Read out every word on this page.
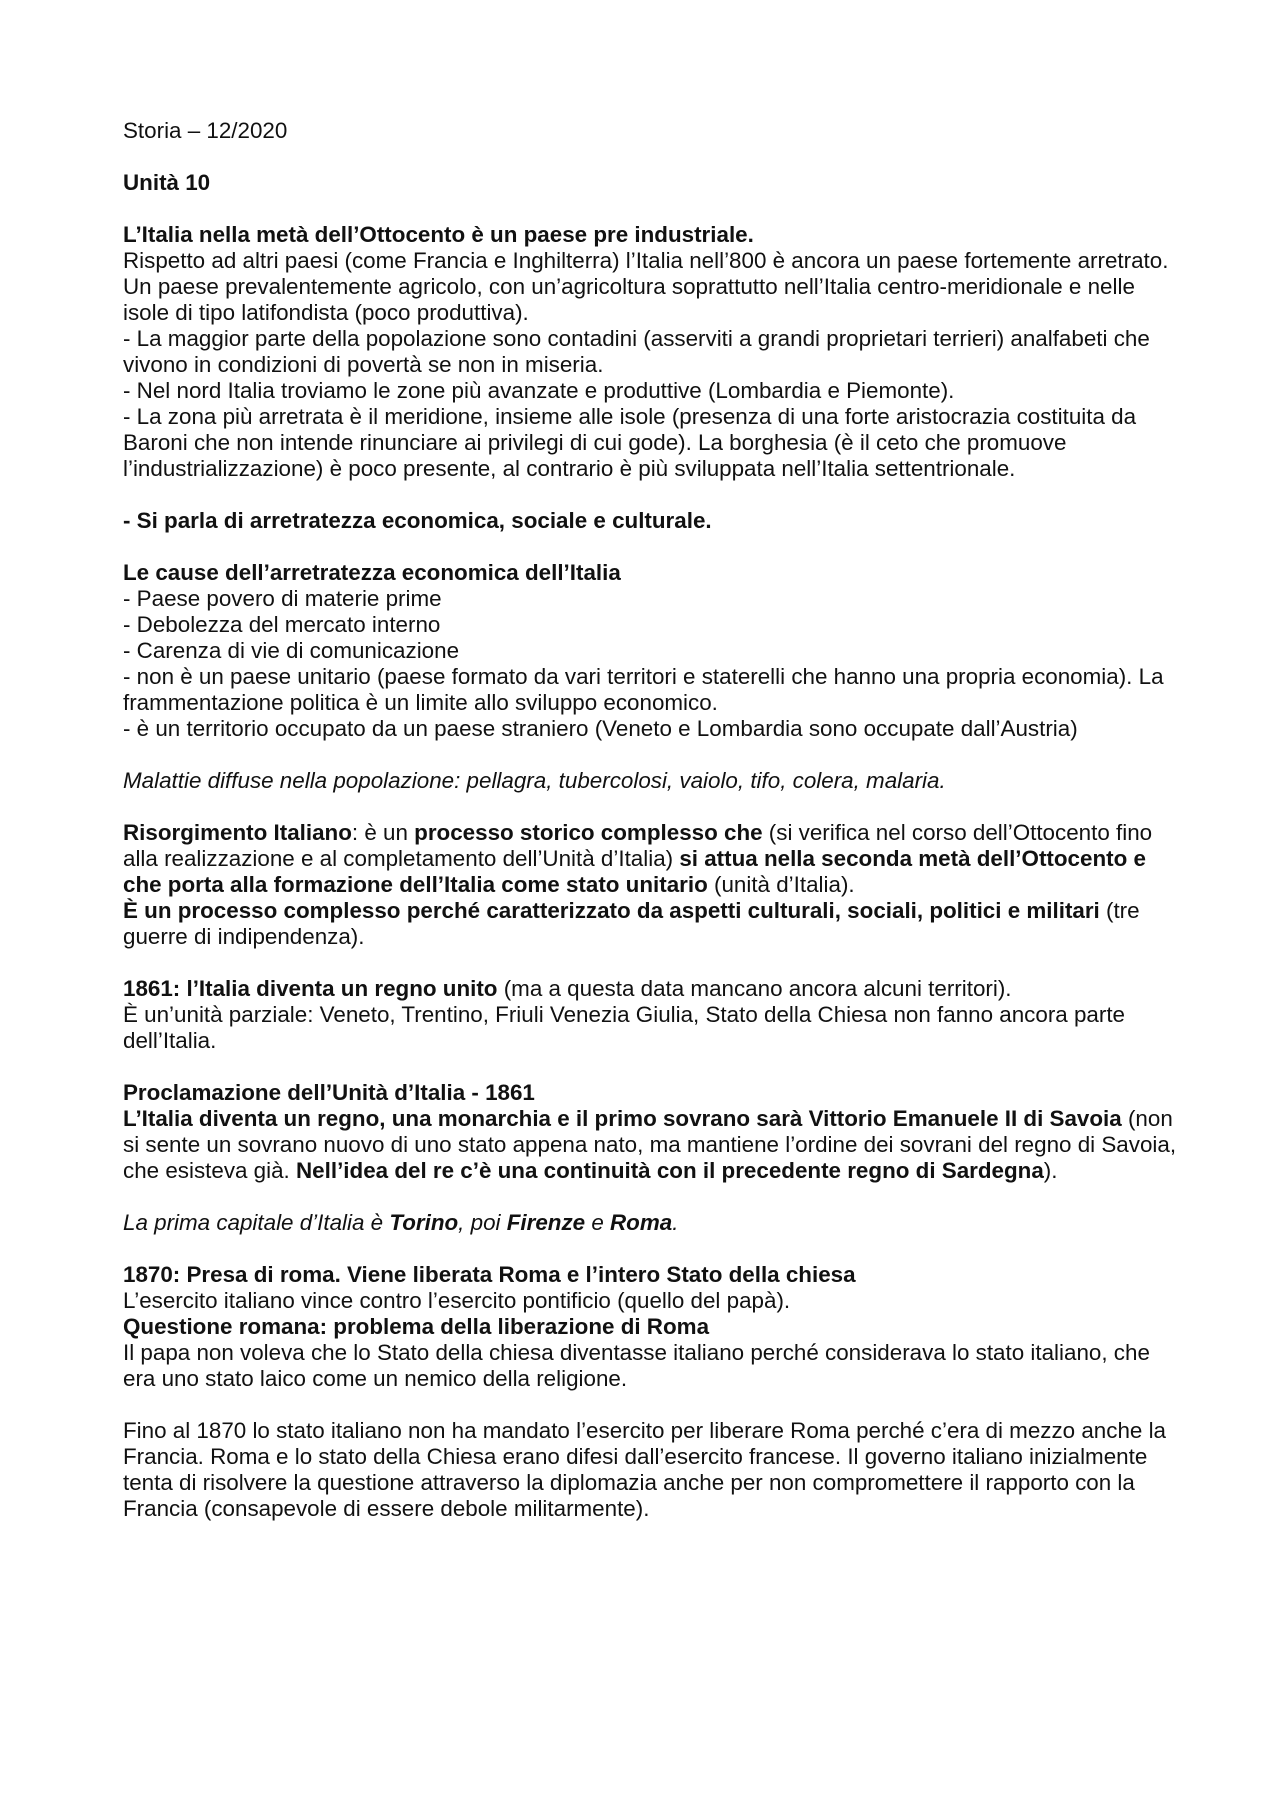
Storia – 12/2020

Unità 10

L’Italia nella metà dell’Ottocento è un paese pre industriale.

Rispetto ad altri paesi (come Francia e Inghilterra) l’Italia nell’800 è ancora un paese fortemente arretrato. Un paese prevalentemente agricolo, con un’agricoltura soprattutto nell’Italia centro-meridionale e nelle isole di tipo latifondista (poco produttiva).

- La maggior parte della popolazione sono contadini (asserviti a grandi proprietari terrieri) analfabeti che vivono in condizioni di povertà se non in miseria.

- Nel nord Italia troviamo le zone più avanzate e produttive (Lombardia e Piemonte).

- La zona più arretrata è il meridione, insieme alle isole (presenza di una forte aristocrazia costituita da Baroni che non intende rinunciare ai privilegi di cui gode). La borghesia (è il ceto che promuove l’industrializzazione) è poco presente, al contrario è più sviluppata nell’Italia settentrionale.

- Si parla di arretratezza economica, sociale e culturale.

Le cause dell’arretratezza economica dell’Italia

- Paese povero di materie prime

- Debolezza del mercato interno

- Carenza di vie di comunicazione

- non è un paese unitario (paese formato da vari territori e staterelli che hanno una propria economia). La frammentazione politica è un limite allo sviluppo economico.

- è un territorio occupato da un paese straniero (Veneto e Lombardia sono occupate dall’Austria)

Malattie diffuse nella popolazione: pellagra, tubercolosi, vaiolo, tifo, colera, malaria.

Risorgimento Italiano: è un processo storico complesso che (si verifica nel corso dell’Ottocento fino alla realizzazione e al completamento dell’Unità d’Italia) si attua nella seconda metà dell’Ottocento e che porta alla formazione dell’Italia come stato unitario (unità d’Italia).

È un processo complesso perché caratterizzato da aspetti culturali, sociali, politici e militari (tre guerre di indipendenza).

1861: l’Italia diventa un regno unito (ma a questa data mancano ancora alcuni territori).

È un’unità parziale: Veneto, Trentino, Friuli Venezia Giulia, Stato della Chiesa non fanno ancora parte dell’Italia.

Proclamazione dell’Unità d’Italia - 1861

L’Italia diventa un regno, una monarchia e il primo sovrano sarà Vittorio Emanuele II di Savoia (non si sente un sovrano nuovo di uno stato appena nato, ma mantiene l’ordine dei sovrani del regno di Savoia, che esisteva già. Nell’idea del re c’è una continuità con il precedente regno di Sardegna).

La prima capitale d’Italia è Torino, poi Firenze e Roma.

1870: Presa di roma. Viene liberata Roma e l’intero Stato della chiesa

L’esercito italiano vince contro l’esercito pontificio (quello del papà).

Questione romana: problema della liberazione di Roma

Il papa non voleva che lo Stato della chiesa diventasse italiano perché considerava lo stato italiano, che era uno stato laico come un nemico della religione.

Fino al 1870 lo stato italiano non ha mandato l’esercito per liberare Roma perché c’era di mezzo anche la Francia. Roma e lo stato della Chiesa erano difesi dall’esercito francese. Il governo italiano inizialmente tenta di risolvere la questione attraverso la diplomazia anche per non compromettere il rapporto con la Francia (consapevole di essere debole militarmente).
